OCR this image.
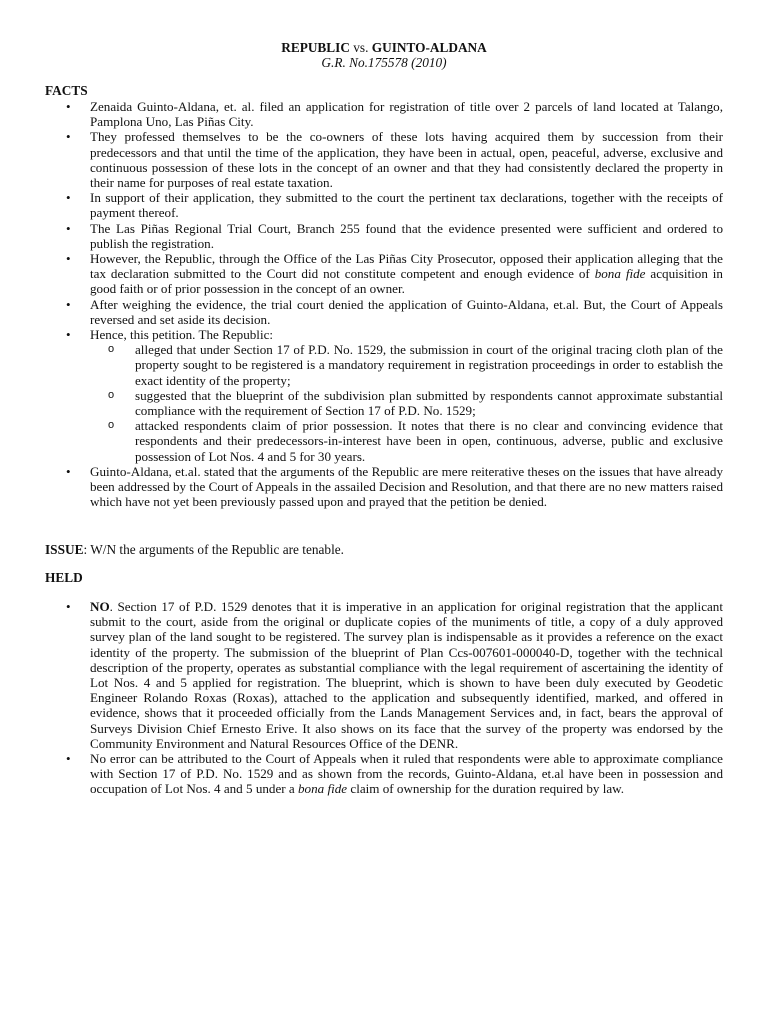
REPUBLIC vs. GUINTO-ALDANA
G.R. No.175578 (2010)
FACTS
• Zenaida Guinto-Aldana, et. al. filed an application for registration of title over 2 parcels of land located at Talango, Pamplona Uno, Las Piñas City.
• They professed themselves to be the co-owners of these lots having acquired them by succession from their predecessors and that until the time of the application, they have been in actual, open, peaceful, adverse, exclusive and continuous possession of these lots in the concept of an owner and that they had consistently declared the property in their name for purposes of real estate taxation.
• In support of their application, they submitted to the court the pertinent tax declarations, together with the receipts of payment thereof.
• The Las Piñas Regional Trial Court, Branch 255 found that the evidence presented were sufficient and ordered to publish the registration.
• However, the Republic, through the Office of the Las Piñas City Prosecutor, opposed their application alleging that the tax declaration submitted to the Court did not constitute competent and enough evidence of bona fide acquisition in good faith or of prior possession in the concept of an owner.
• After weighing the evidence, the trial court denied the application of Guinto-Aldana, et.al. But, the Court of Appeals reversed and set aside its decision.
• Hence, this petition. The Republic:
o alleged that under Section 17 of P.D. No. 1529, the submission in court of the original tracing cloth plan of the property sought to be registered is a mandatory requirement in registration proceedings in order to establish the exact identity of the property;
o suggested that the blueprint of the subdivision plan submitted by respondents cannot approximate substantial compliance with the requirement of Section 17 of P.D. No. 1529;
o attacked respondents claim of prior possession. It notes that there is no clear and convincing evidence that respondents and their predecessors-in-interest have been in open, continuous, adverse, public and exclusive possession of Lot Nos. 4 and 5 for 30 years.
• Guinto-Aldana, et.al. stated that the arguments of the Republic are mere reiterative theses on the issues that have already been addressed by the Court of Appeals in the assailed Decision and Resolution, and that there are no new matters raised which have not yet been previously passed upon and prayed that the petition be denied.
ISSUE: W/N the arguments of the Republic are tenable.
HELD
• NO. Section 17 of P.D. 1529 denotes that it is imperative in an application for original registration that the applicant submit to the court, aside from the original or duplicate copies of the muniments of title, a copy of a duly approved survey plan of the land sought to be registered. The survey plan is indispensable as it provides a reference on the exact identity of the property. The submission of the blueprint of Plan Ccs-007601-000040-D, together with the technical description of the property, operates as substantial compliance with the legal requirement of ascertaining the identity of Lot Nos. 4 and 5 applied for registration. The blueprint, which is shown to have been duly executed by Geodetic Engineer Rolando Roxas (Roxas), attached to the application and subsequently identified, marked, and offered in evidence, shows that it proceeded officially from the Lands Management Services and, in fact, bears the approval of Surveys Division Chief Ernesto Erive. It also shows on its face that the survey of the property was endorsed by the Community Environment and Natural Resources Office of the DENR.
• No error can be attributed to the Court of Appeals when it ruled that respondents were able to approximate compliance with Section 17 of P.D. No. 1529 and as shown from the records, Guinto-Aldana, et.al have been in possession and occupation of Lot Nos. 4 and 5 under a bona fide claim of ownership for the duration required by law.
